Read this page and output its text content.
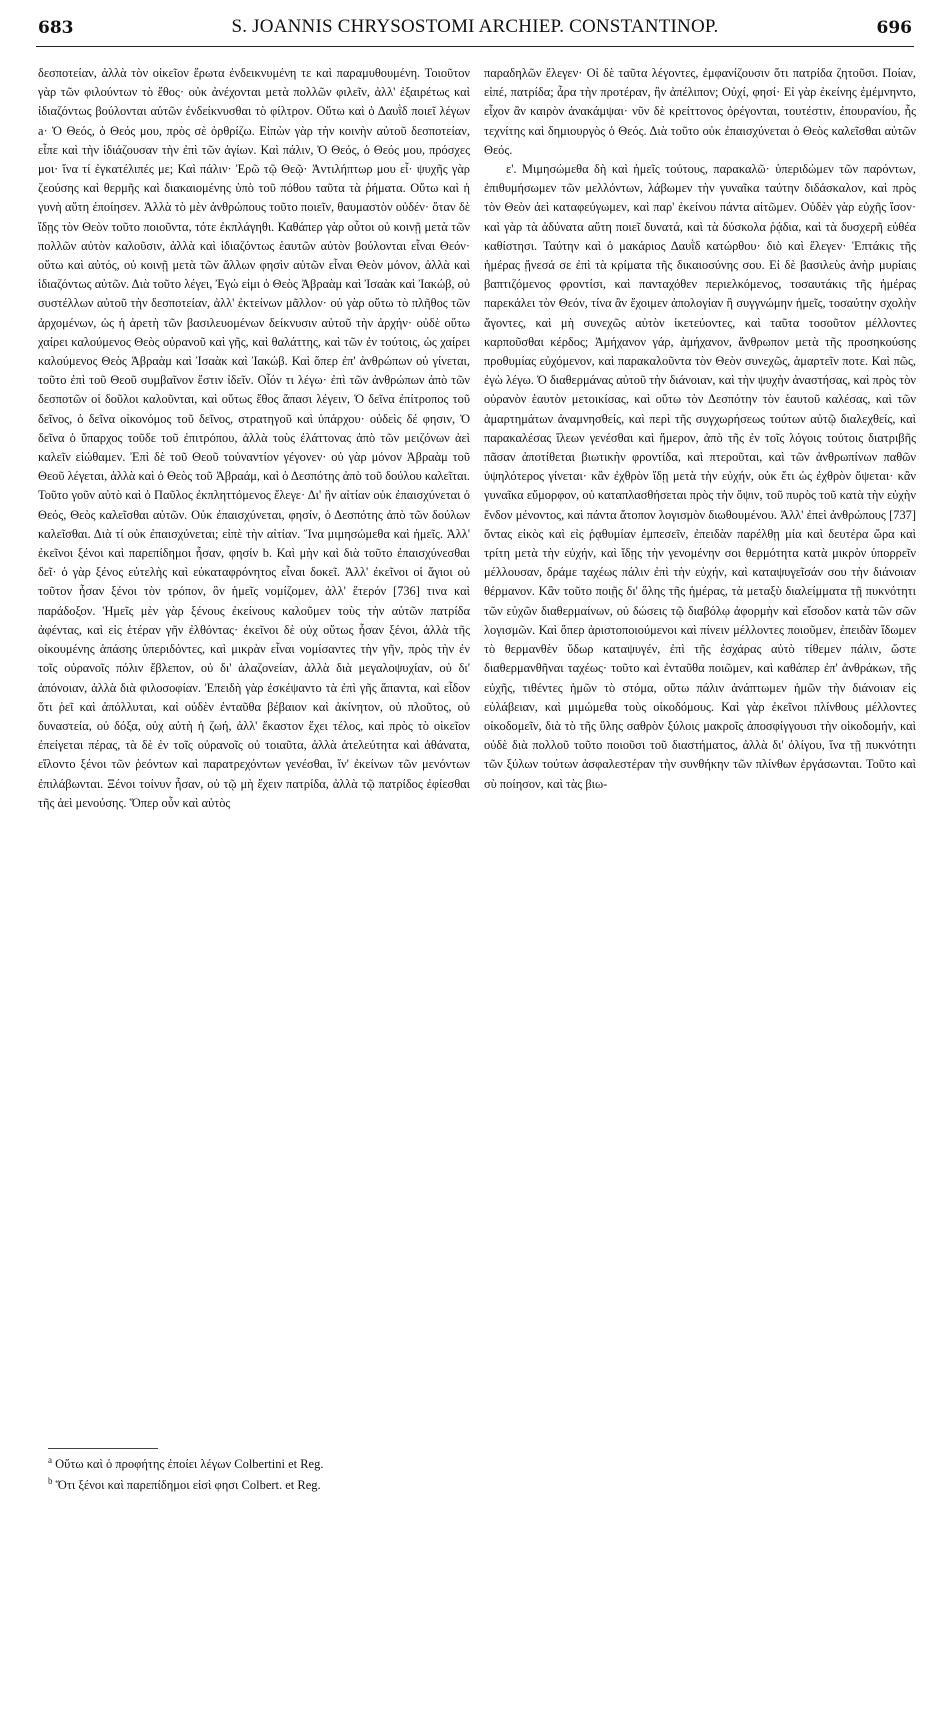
683	S. JOANNIS CHRYSOSTOMI ARCHIEP. CONSTANTINOP.	696

δεσποτείαν, ἀλλὰ τὸν οἰκεῖον ἔρωτα ἐνδεικνυμένη τε καὶ παραμυθουμένη. Τοιοῦτον γὰρ τῶν φιλούντων τὸ ἔθος· οὐκ ἀνέχονται μετὰ πολλῶν φιλεῖν, ἀλλ' ἐξαιρέτως καὶ ἰδιαζόντως βούλονται αὑτῶν ἐνδείκνυσθαι τὸ φίλτρον. Οὕτω καὶ ὁ Δαυῒδ ποιεῖ λέγων a· Ὁ Θεός, ὁ Θεός μου, πρὸς σὲ ὀρθρίζω. Εἰπὼν γὰρ τὴν κοινὴν αὐτοῦ δεσποτείαν, εἶπε καὶ τὴν ἰδιάζουσαν τὴν ἐπὶ τῶν ἁγίων. Καὶ πάλιν, Ὁ Θεός, ὁ Θεός μου, πρόσχες μοι· ἵνα τί ἐγκατέλιπές με; Καὶ πάλιν· Ἐρῶ τῷ Θεῷ· Ἀντιλήπτωρ μου εἶ· ψυχῆς γὰρ ζεούσης καὶ θερμῆς καὶ διακαιομένης ὑπὸ τοῦ πόθου ταῦτα τὰ ῥήματα. Οὕτω καὶ ἡ γυνὴ αὕτη ἐποίησεν. Ἀλλὰ τὸ μὲν ἀνθρώπους τοῦτο ποιεῖν, θαυμαστὸν οὐδέν· ὅταν δὲ ἴδῃς τὸν Θεὸν τοῦτο ποιοῦντα, τότε ἐκπλάγηθι. Καθάπερ γὰρ οὗτοι οὐ κοινῇ μετὰ τῶν πολλῶν αὐτὸν καλοῦσιν, ἀλλὰ καὶ ἰδιαζόντως ἑαυτῶν αὐτὸν βούλονται εἶναι Θεόν· οὕτω καὶ αὐτός, οὐ κοινῇ μετὰ τῶν ἄλλων φησὶν αὐτῶν εἶναι Θεὸν μόνον, ἀλλὰ καὶ ἰδιαζόντως αὐτῶν. Διὰ τοῦτο λέγει, Ἐγώ εἰμι ὁ Θεὸς Ἀβραὰμ καὶ Ἰσαὰκ καὶ Ἰακώβ, οὐ συστέλλων αὐτοῦ τὴν δεσποτείαν, ἀλλ' ἐκτείνων μᾶλλον· οὐ γὰρ οὕτω τὸ πλῆθος τῶν ἀρχομένων, ὡς ἡ ἀρετὴ τῶν βασιλευομένων δείκνυσιν αὐτοῦ τὴν ἀρχήν· οὐδὲ οὕτω χαίρει καλούμενος Θεὸς οὐρανοῦ καὶ γῆς, καὶ θαλάττης, καὶ τῶν ἐν τούτοις, ὡς χαίρει καλούμενος Θεὸς Ἀβραὰμ καὶ Ἰσαὰκ καὶ Ἰακώβ. Καὶ ὅπερ ἐπ' ἀνθρώπων οὐ γίνεται, τοῦτο ἐπὶ τοῦ Θεοῦ συμβαῖνον ἔστιν ἰδεῖν. Οἷόν τι λέγω· ἐπὶ τῶν ἀνθρώπων ἀπὸ τῶν δεσποτῶν οἱ δοῦλοι καλοῦνται, καὶ οὕτως ἔθος ἅπασι λέγειν, Ὁ δεῖνα ἐπίτροπος τοῦ δεῖνος, ὁ δεῖνα οἰκονόμος τοῦ δεῖνος, στρατηγοῦ καὶ ὑπάρχου· οὐδεὶς δέ φησιν, Ὁ δεῖνα ὁ ὕπαρχος τοῦδε τοῦ ἐπιτρόπου, ἀλλὰ τοὺς ἐλάττονας ἀπὸ τῶν μειζόνων ἀεὶ καλεῖν εἰώθαμεν. Ἐπὶ δὲ τοῦ Θεοῦ τοὐναντίον γέγονεν· οὐ γὰρ μόνον Ἀβραὰμ τοῦ Θεοῦ λέγεται, ἀλλὰ καὶ ὁ Θεὸς τοῦ Ἀβραάμ, καὶ ὁ Δεσπότης ἀπὸ τοῦ δούλου καλεῖται. Τοῦτο γοῦν αὐτὸ καὶ ὁ Παῦλος ἐκπληττόμενος ἔλεγε· Δι' ἣν αἰτίαν οὐκ ἐπαισχύνεται ὁ Θεός, Θεὸς καλεῖσθαι αὐτῶν. Οὐκ ἐπαισχύνεται, φησίν, ὁ Δεσπότης ἀπὸ τῶν δούλων καλεῖσθαι. Διὰ τί οὐκ ἐπαισχύνεται; εἰπὲ τὴν αἰτίαν. Ἵνα μιμησώμεθα καὶ ἡμεῖς. Ἀλλ' ἐκεῖνοι ξένοι καὶ παρεπίδημοι ἦσαν, φησίν b. Καὶ μὴν καὶ διὰ τοῦτο ἐπαισχύνεσθαι δεῖ· ὁ γὰρ ξένος εὐτελὴς καὶ εὐκαταφρόνητος εἶναι δοκεῖ. Ἀλλ' ἐκεῖνοι οἱ ἅγιοι οὐ τοῦτον ἦσαν ξένοι τὸν τρόπον, ὃν ἡμεῖς νομίζομεν, ἀλλ' ἕτερόν [736] τινα καὶ παράδοξον. Ἡμεῖς μὲν γὰρ ξένους ἐκείνους καλοῦμεν τοὺς τὴν αὑτῶν πατρίδα ἀφέντας, καὶ εἰς ἑτέραν γῆν ἐλθόντας· ἐκεῖνοι δὲ οὐχ οὕτως ἦσαν ξένοι, ἀλλὰ τῆς οἰκουμένης ἁπάσης ὑπεριδόντες, καὶ μικρὰν εἶναι νομίσαντες τὴν γῆν, πρὸς τὴν ἐν τοῖς οὐρανοῖς πόλιν ἔβλεπον, οὐ δι' ἀλαζονείαν, ἀλλὰ διὰ μεγαλοψυχίαν, οὐ δι' ἀπόνοιαν, ἀλλὰ διὰ φιλοσοφίαν. Ἐπειδὴ γὰρ ἐσκέψαντο τὰ ἐπὶ γῆς ἅπαντα, καὶ εἶδον ὅτι ῥεῖ καὶ ἀπόλλυται, καὶ οὐδὲν ἐνταῦθα βέβαιον καὶ ἀκίνητον, οὐ πλοῦτος, οὐ δυναστεία, οὐ δόξα, οὐχ αὐτὴ ἡ ζωή, ἀλλ' ἕκαστον ἔχει τέλος, καὶ πρὸς τὸ οἰκεῖον ἐπείγεται πέρας, τὰ δὲ ἐν τοῖς οὐρανοῖς οὐ τοιαῦτα, ἀλλὰ ἀτελεύτητα καὶ ἀθάνατα, εἵλοντο ξένοι τῶν ῥεόντων καὶ παρατρεχόντων γενέσθαι, ἵν' ἐκείνων τῶν μενόντων ἐπιλάβωνται. Ξένοι τοίνυν ἦσαν, οὐ τῷ μὴ ἔχειν πατρίδα, ἀλλὰ τῷ πατρίδος ἐφίεσθαι τῆς ἀεὶ μενούσης. Ὅπερ οὖν καὶ αὐτὸς

παραδηλῶν ἔλεγεν· Οἱ δὲ ταῦτα λέγοντες, ἐμφανίζουσιν ὅτι πατρίδα ζητοῦσι. Ποίαν, εἰπέ, πατρίδα; ἆρα τὴν προτέραν, ἣν ἀπέλιπον; Οὐχί, φησί· Εἰ γὰρ ἐκείνης ἐμέμνηντο, εἶχον ἂν καιρὸν ἀνακάμψαι· νῦν δὲ κρείττονος ὀρέγονται, τουτέστιν, ἐπουρανίου, ἧς τεχνίτης καὶ δημιουργὸς ὁ Θεός. Διὰ τοῦτο οὐκ ἐπαισχύνεται ὁ Θεὸς καλεῖσθαι αὐτῶν Θεός.

ε'. Μιμησώμεθα δὴ καὶ ἡμεῖς τούτους, παρακαλῶ· ὑπεριδώμεν τῶν παρόντων, ἐπιθυμήσωμεν τῶν μελλόντων, λάβωμεν τὴν γυναῖκα ταύτην διδάσκαλον, καὶ πρὸς τὸν Θεὸν ἀεὶ καταφεύγωμεν, καὶ παρ' ἐκείνου πάντα αἰτῶμεν. Οὐδὲν γὰρ εὐχῆς ἴσον· καὶ γὰρ τὰ ἀδύνατα αὕτη ποιεῖ δυνατά, καὶ τὰ δύσκολα ῥᾴδια, καὶ τὰ δυσχερῆ εὐθέα καθίστησι. Ταύτην καὶ ὁ μακάριος Δαυῒδ κατώρθου· διὸ καὶ ἔλεγεν· Ἑπτάκις τῆς ἡμέρας ᾔνεσά σε ἐπὶ τὰ κρίματα τῆς δικαιοσύνης σου. Εἰ δὲ βασιλεὺς ἀνὴρ μυρίαις βαπτιζόμενος φροντίσι, καὶ πανταχόθεν περιελκόμενος, τοσαυτάκις τῆς ἡμέρας παρεκάλει τὸν Θεόν, τίνα ἂν ἔχοιμεν ἀπολογίαν ἢ συγγνώμην ἡμεῖς, τοσαύτην σχολὴν ἄγοντες, καὶ μὴ συνεχῶς αὐτὸν ἱκετεύοντες, καὶ ταῦτα τοσοῦτον μέλλοντες καρποῦσθαι κέρδος; Ἀμήχανον γάρ, ἀμήχανον, ἄνθρωπον μετὰ τῆς προσηκούσης προθυμίας εὐχόμενον, καὶ παρακαλοῦντα τὸν Θεὸν συνεχῶς, ἁμαρτεῖν ποτε. Καὶ πῶς, ἐγὼ λέγω. Ὁ διαθερμάνας αὐτοῦ τὴν διάνοιαν, καὶ τὴν ψυχὴν ἀναστήσας, καὶ πρὸς τὸν οὐρανὸν ἑαυτὸν μετοικίσας, καὶ οὕτω τὸν Δεσπότην τὸν ἑαυτοῦ καλέσας, καὶ τῶν ἁμαρτημάτων ἀναμνησθείς, καὶ περὶ τῆς συγχωρήσεως τούτων αὐτῷ διαλεχθείς, καὶ παρακαλέσας ἵλεων γενέσθαι καὶ ἥμερον, ἀπὸ τῆς ἐν τοῖς λόγοις τούτοις διατριβῆς πᾶσαν ἀποτίθεται βιωτικὴν φροντίδα, καὶ πτεροῦται, καὶ τῶν ἀνθρωπίνων παθῶν ὑψηλότερος γίνεται· κἂν ἐχθρὸν ἴδῃ μετὰ τὴν εὐχήν, οὐκ ἔτι ὡς ἐχθρὸν ὄψεται· κἂν γυναῖκα εὔμορφον, οὐ καταπλασθήσεται πρὸς τὴν ὄψιν, τοῦ πυρὸς τοῦ κατὰ τὴν εὐχὴν ἔνδον μένοντος, καὶ πάντα ἄτοπον λογισμὸν διωθουμένου. Ἀλλ' ἐπεὶ ἀνθρώπους [737] ὄντας εἰκὸς καὶ εἰς ῥᾳθυμίαν ἐμπεσεῖν, ἐπειδὰν παρέλθῃ μία καὶ δευτέρα ὥρα καὶ τρίτη μετὰ τὴν εὐχήν, καὶ ἴδῃς τὴν γενομένην σοι θερμότητα κατὰ μικρὸν ὑπορρεῖν μέλλουσαν, δράμε ταχέως πάλιν ἐπὶ τὴν εὐχήν, καὶ καταψυγεῖσάν σου τὴν διάνοιαν θέρμανον. Κἂν τοῦτο ποιῇς δι' ὅλης τῆς ἡμέρας, τὰ μεταξὺ διαλείμματα τῇ πυκνότητι τῶν εὐχῶν διαθερμαίνων, οὐ δώσεις τῷ διαβόλῳ ἀφορμὴν καὶ εἴσοδον κατὰ τῶν σῶν λογισμῶν. Καὶ ὅπερ ἀριστοποιούμενοι καὶ πίνειν μέλλοντες ποιοῦμεν, ἐπειδὰν ἴδωμεν τὸ θερμανθὲν ὕδωρ καταψυγέν, ἐπὶ τῆς ἐσχάρας αὐτὸ τίθεμεν πάλιν, ὥστε διαθερμανθῆναι ταχέως· τοῦτο καὶ ἐνταῦθα ποιῶμεν, καὶ καθάπερ ἐπ' ἀνθράκων, τῆς εὐχῆς, τιθέντες ἡμῶν τὸ στόμα, οὕτω πάλιν ἀνάπτωμεν ἡμῶν τὴν διάνοιαν εἰς εὐλάβειαν, καὶ μιμώμεθα τοὺς οἰκοδόμους. Καὶ γὰρ ἐκεῖνοι πλίνθους μέλλοντες οἰκοδομεῖν, διὰ τὸ τῆς ὕλης σαθρὸν ξύλοις μακροῖς ἀποσφίγγουσι τὴν οἰκοδομήν, καὶ οὐδὲ διὰ πολλοῦ τοῦτο ποιοῦσι τοῦ διαστήματος, ἀλλὰ δι' ὀλίγου, ἵνα τῇ πυκνότητι τῶν ξύλων τούτων ἀσφαλεστέραν τὴν συνθήκην τῶν πλίνθων ἐργάσωνται. Τοῦτο καὶ σὺ ποίησον, καὶ τὰς βιω-

$^a$ Οὕτω καὶ ὁ προφήτης ἐποίει λέγων Colbertini et Reg.
$^b$ Ὅτι ξένοι καὶ παρεπίδημοι εἰσὶ φησι Colbert. et Reg.
